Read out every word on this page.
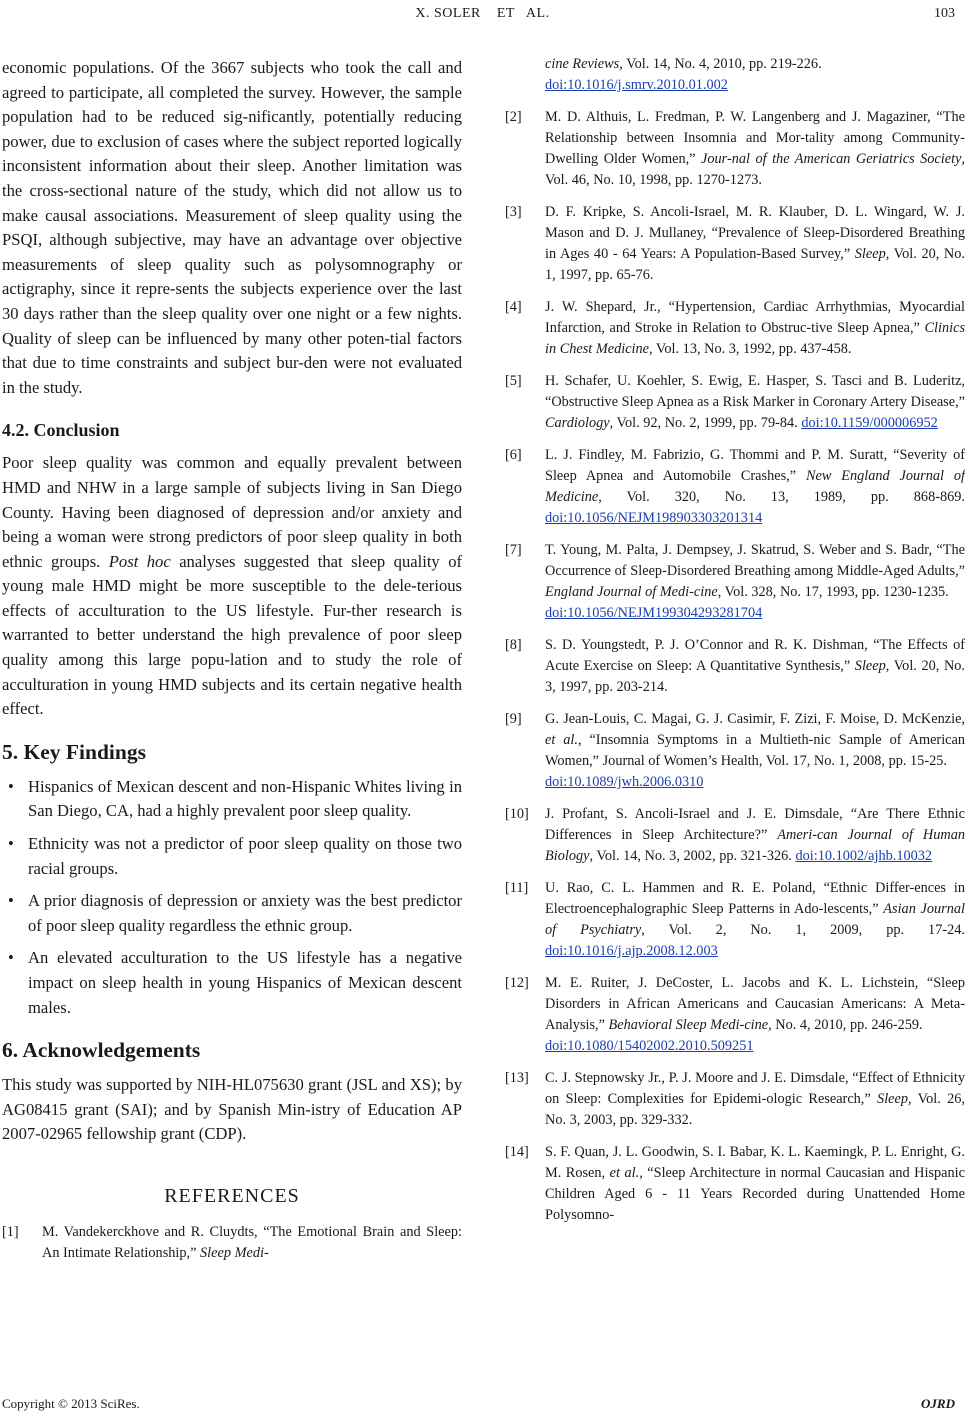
X. SOLER    ET   AL.	103

economic populations. Of the 3667 subjects who took the call and agreed to participate, all completed the survey. However, the sample population had to be reduced sig-nificantly, potentially reducing power, due to exclusion of cases where the subject reported logically inconsistent information about their sleep. Another limitation was the cross-sectional nature of the study, which did not allow us to make causal associations. Measurement of sleep quality using the PSQI, although subjective, may have an advantage over objective measurements of sleep quality such as polysomnography or actigraphy, since it repre-sents the subjects experience over the last 30 days rather than the sleep quality over one night or a few nights. Quality of sleep can be influenced by many other poten-tial factors that due to time constraints and subject bur-den were not evaluated in the study.

4.2. Conclusion

Poor sleep quality was common and equally prevalent between HMD and NHW in a large sample of subjects living in San Diego County. Having been diagnosed of depression and/or anxiety and being a woman were strong predictors of poor sleep quality in both ethnic groups. Post hoc analyses suggested that sleep quality of young male HMD might be more susceptible to the dele-terious effects of acculturation to the US lifestyle. Fur-ther research is warranted to better understand the high prevalence of poor sleep quality among this large popu-lation and to study the role of acculturation in young HMD subjects and its certain negative health effect.

5. Key Findings
• Hispanics of Mexican descent and non-Hispanic Whites living in San Diego, CA, had a highly prevalent poor sleep quality.
• Ethnicity was not a predictor of poor sleep quality on those two racial groups.
• A prior diagnosis of depression or anxiety was the best predictor of poor sleep quality regardless the ethnic group.
• An elevated acculturation to the US lifestyle has a negative impact on sleep health in young Hispanics of Mexican descent males.
6. Acknowledgements

This study was supported by NIH-HL075630 grant (JSL and XS); by AG08415 grant (SAI); and by Spanish Min-istry of Education AP 2007-02965 fellowship grant (CDP).

REFERENCES
[1] M. Vandekerckhove and R. Cluydts, “The Emotional Brain and Sleep: An Intimate Relationship,” Sleep Medi-
cine Reviews, Vol. 14, No. 4, 2010, pp. 219-226.
doi:10.1016/j.smrv.2010.01.002
[2] M. D. Althuis, L. Fredman, P. W. Langenberg and J. Magaziner, “The Relationship between Insomnia and Mor-tality among Community-Dwelling Older Women,” Jour-nal of the American Geriatrics Society, Vol. 46, No. 10, 1998, pp. 1270-1273.
[3] D. F. Kripke, S. Ancoli-Israel, M. R. Klauber, D. L. Wingard, W. J. Mason and D. J. Mullaney, “Prevalence of Sleep-Disordered Breathing in Ages 40 - 64 Years: A Population-Based Survey,” Sleep, Vol. 20, No. 1, 1997, pp. 65-76.
[4] J. W. Shepard, Jr., “Hypertension, Cardiac Arrhythmias, Myocardial Infarction, and Stroke in Relation to Obstruc-tive Sleep Apnea,” Clinics in Chest Medicine, Vol. 13, No. 3, 1992, pp. 437-458.
[5] H. Schafer, U. Koehler, S. Ewig, E. Hasper, S. Tasci and B. Luderitz, “Obstructive Sleep Apnea as a Risk Marker in Coronary Artery Disease,” Cardiology, Vol. 92, No. 2, 1999, pp. 79-84. doi:10.1159/000006952
[6] L. J. Findley, M. Fabrizio, G. Thommi and P. M. Suratt, “Severity of Sleep Apnea and Automobile Crashes,” New England Journal of Medicine, Vol. 320, No. 13, 1989, pp. 868-869. doi:10.1056/NEJM198903303201314
[7] T. Young, M. Palta, J. Dempsey, J. Skatrud, S. Weber and S. Badr, “The Occurrence of Sleep-Disordered Breathing among Middle-Aged Adults,” England Journal of Medi-cine, Vol. 328, No. 17, 1993, pp. 1230-1235.
doi:10.1056/NEJM199304293281704
[8] S. D. Youngstedt, P. J. O’Connor and R. K. Dishman, “The Effects of Acute Exercise on Sleep: A Quantitative Synthesis,” Sleep, Vol. 20, No. 3, 1997, pp. 203-214.
[9] G. Jean-Louis, C. Magai, G. J. Casimir, F. Zizi, F. Moise, D. McKenzie, et al., “Insomnia Symptoms in a Multieth-nic Sample of American Women,” Journal of Women’s Health, Vol. 17, No. 1, 2008, pp. 15-25.
doi:10.1089/jwh.2006.0310
[10] J. Profant, S. Ancoli-Israel and J. E. Dimsdale, “Are There Ethnic Differences in Sleep Architecture?” Ameri-can Journal of Human Biology, Vol. 14, No. 3, 2002, pp. 321-326. doi:10.1002/ajhb.10032
[11] U. Rao, C. L. Hammen and R. E. Poland, “Ethnic Differ-ences in Electroencephalographic Sleep Patterns in Ado-lescents,” Asian Journal of Psychiatry, Vol. 2, No. 1, 2009, pp. 17-24. doi:10.1016/j.ajp.2008.12.003
[12] M. E. Ruiter, J. DeCoster, L. Jacobs and K. L. Lichstein, “Sleep Disorders in African Americans and Caucasian Americans: A Meta-Analysis,” Behavioral Sleep Medi-cine, No. 4, 2010, pp. 246-259.
doi:10.1080/15402002.2010.509251
[13] C. J. Stepnowsky Jr., P. J. Moore and J. E. Dimsdale, “Effect of Ethnicity on Sleep: Complexities for Epidemi-ologic Research,” Sleep, Vol. 26, No. 3, 2003, pp. 329-332.
[14] S. F. Quan, J. L. Goodwin, S. I. Babar, K. L. Kaemingk, P. L. Enright, G. M. Rosen, et al., “Sleep Architecture in normal Caucasian and Hispanic Children Aged 6 - 11 Years Recorded during Unattended Home Polysomno-
Copyright © 2013 SciRes.	OJRD
